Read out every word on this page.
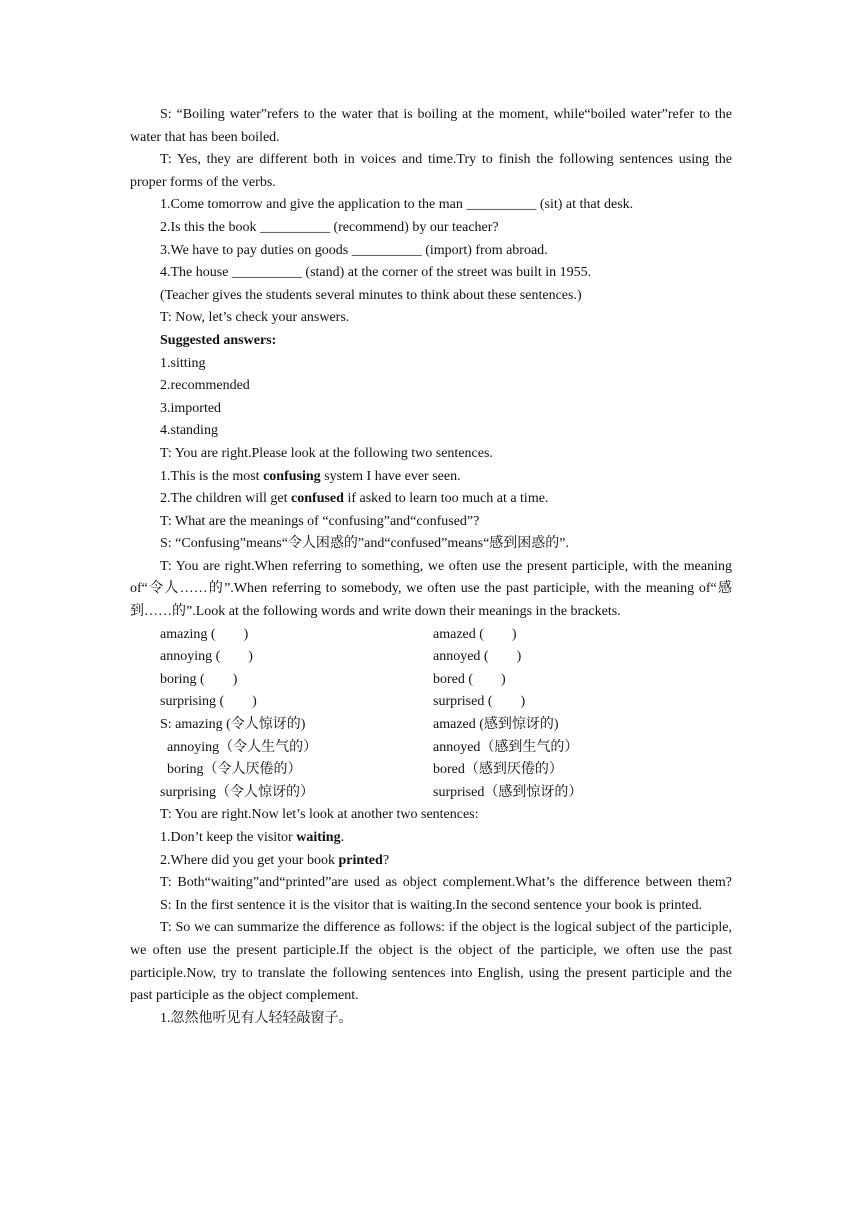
S: “Boiling water”refers to the water that is boiling at the moment, while“boiled water”refer to the water that has been boiled.

T: Yes, they are different both in voices and time.Try to finish the following sentences using the proper forms of the verbs.

1.Come tomorrow and give the application to the man __________ (sit) at that desk.

2.Is this the book __________ (recommend) by our teacher?

3.We have to pay duties on goods __________ (import) from abroad.

4.The house __________ (stand) at the corner of the street was built in 1955.

(Teacher gives the students several minutes to think about these sentences.)

T: Now, let’s check your answers.

Suggested answers:

1.sitting

2.recommended

3.imported

4.standing

T: You are right.Please look at the following two sentences.

1.This is the most confusing system I have ever seen.

2.The children will get confused if asked to learn too much at a time.

T: What are the meanings of “confusing”and“confused”?

S: “Confusing”means“令人困惑的”and“confused”means“感到困惑的”.

T: You are right.When referring to something, we often use the present participle, with the meaning of“令人……的”.When referring to somebody, we often use the past participle, with the meaning of“感到……的”.Look at the following words and write down their meanings in the brackets.

amazing (        )	amazed (        )
annoying (        )	annoyed (        )
boring (        )	bored (        )
surprising (        )	surprised (        )
S: amazing (令人惊讶的)	amazed (感到惊讶的)
annoying（令人生气的）	annoyed（感到生气的）
boring（令人厌倦的）	bored（感到厌倦的）
surprising（令人惊讶的）	surprised（感到惊讶的）

T: You are right.Now let’s look at another two sentences:

1.Don’t keep the visitor waiting.

2.Where did you get your book printed?

T: Both“waiting”and“printed”are used as object complement.What’s the difference between them?

S: In the first sentence it is the visitor that is waiting.In the second sentence your book is printed.

T: So we can summarize the difference as follows: if the object is the logical subject of the participle, we often use the present participle.If the object is the object of the participle, we often use the past participle.Now, try to translate the following sentences into English, using the present participle and the past participle as the object complement.

1.忽然他听见有人轻轻敲窗子。
